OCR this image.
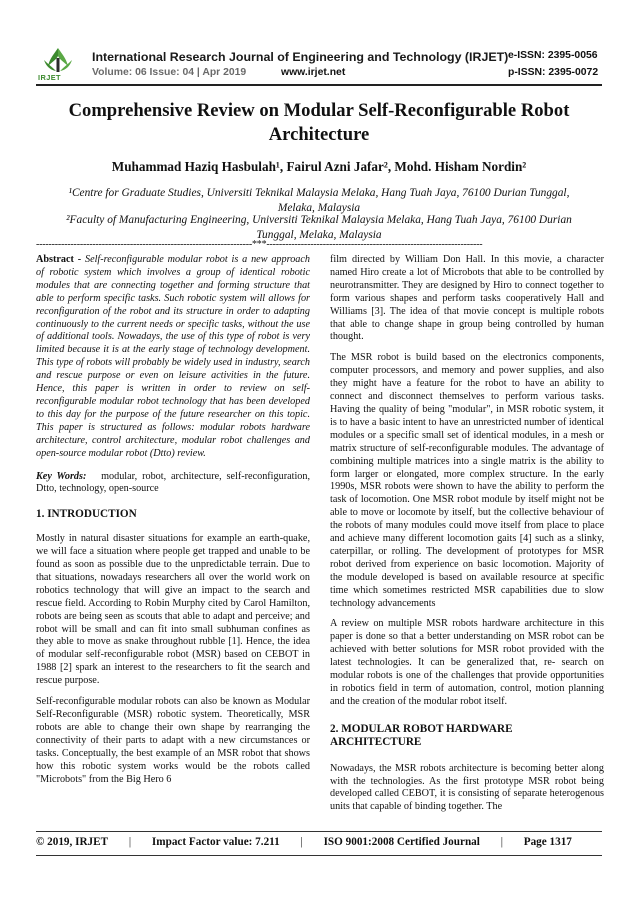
IRJET
International Research Journal of Engineering and Technology (IRJET) e-ISSN: 2395-0056
Volume: 06 Issue: 04 | Apr 2019	www.irjet.net	p-ISSN: 2395-0072
Comprehensive Review on Modular Self-Reconfigurable Robot Architecture
Muhammad Haziq Hasbulah¹, Fairul Azni Jafar², Mohd. Hisham Nordin²
¹Centre for Graduate Studies, Universiti Teknikal Malaysia Melaka, Hang Tuah Jaya, 76100 Durian Tunggal, Melaka, Malaysia
²Faculty of Manufacturing Engineering, Universiti Teknikal Malaysia Melaka, Hang Tuah Jaya, 76100 Durian Tunggal, Melaka, Malaysia
---------------------------------------------------------------------***---------------------------------------------------------------------

Abstract - Self-reconfigurable modular robot is a new approach of robotic system which involves a group of identical robotic modules that are connecting together and forming structure that able to perform specific tasks. Such robotic system will allows for reconfiguration of the robot and its structure in order to adapting continuously to the current needs or specific tasks, without the use of additional tools. Nowadays, the use of this type of robot is very limited because it is at the early stage of technology development. This type of robots will probably be widely used in industry, search and rescue purpose or even on leisure activities in the future. Hence, this paper is written in order to review on self-reconfigurable modular robot technology that has been developed to this day for the purpose of the future researcher on this topic. This paper is structured as follows: modular robots hardware architecture, control architecture, modular robot challenges and open-source modular robot (Dtto) review.

Key Words: modular, robot, architecture, self-reconfiguration, Dtto, technology, open-source

1. INTRODUCTION

Mostly in natural disaster situations for example an earth-quake, we will face a situation where people get trapped and unable to be found as soon as possible due to the unpredictable terrain. Due to that situations, nowadays researchers all over the world work on robotics technology that will give an impact to the search and rescue field. According to Robin Murphy cited by Carol Hamilton, robots are being seen as scouts that able to adapt and perceive; and robot will be small and can fit into small subhuman confines as they able to move as snake throughout rubble [1]. Hence, the idea of modular self-reconfigurable robot (MSR) based on CEBOT in 1988 [2] spark an interest to the researchers to fit the search and rescue purpose.

Self-reconfigurable modular robots can also be known as Modular Self-Reconfigurable (MSR) robotic system. Theoretically, MSR robots are able to change their own shape by rearranging the connectivity of their parts to adapt with a new circumstances or tasks. Conceptually, the best example of an MSR robot that shows how this robotic system works would be the robots called "Microbots" from the Big Hero 6

film directed by William Don Hall. In this movie, a character named Hiro create a lot of Microbots that able to be controlled by neurotransmitter. They are designed by Hiro to connect together to form various shapes and perform tasks cooperatively Hall and Williams [3]. The idea of that movie concept is multiple robots that able to change shape in group being controlled by human thought.

The MSR robot is build based on the electronics components, computer processors, and memory and power supplies, and also they might have a feature for the robot to have an ability to connect and disconnect themselves to perform various tasks. Having the quality of being "modular", in MSR robotic system, it is to have a basic intent to have an unrestricted number of identical modules or a specific small set of identical modules, in a mesh or matrix structure of self-reconfigurable modules. The advantage of combining multiple matrices into a single matrix is the ability to form larger or elongated, more complex structure. In the early 1990s, MSR robots were shown to have the ability to perform the task of locomotion. One MSR robot module by itself might not be able to move or locomote by itself, but the collective behaviour of the robots of many modules could move itself from place to place and achieve many different locomotion gaits [4] such as a slinky, caterpillar, or rolling. The development of prototypes for MSR robot derived from experience on basic locomotion. Majority of the module developed is based on available resource at specific time which sometimes restricted MSR capabilities due to slow technology advancements

A review on multiple MSR robots hardware architecture in this paper is done so that a better understanding on MSR robot can be achieved with better solutions for MSR robot provided with the latest technologies. It can be generalized that, re- search on modular robots is one of the challenges that provide opportunities in robotics field in term of automation, control, motion planning and the creation of the modular robot itself.

2. MODULAR ROBOT HARDWARE ARCHITECTURE

Nowadays, the MSR robots architecture is becoming better along with the technologies. As the first prototype MSR robot being developed called CEBOT, it is consisting of separate heterogenous units that capable of binding together. The

© 2019, IRJET | Impact Factor value: 7.211 | ISO 9001:2008 Certified Journal | Page 1317
